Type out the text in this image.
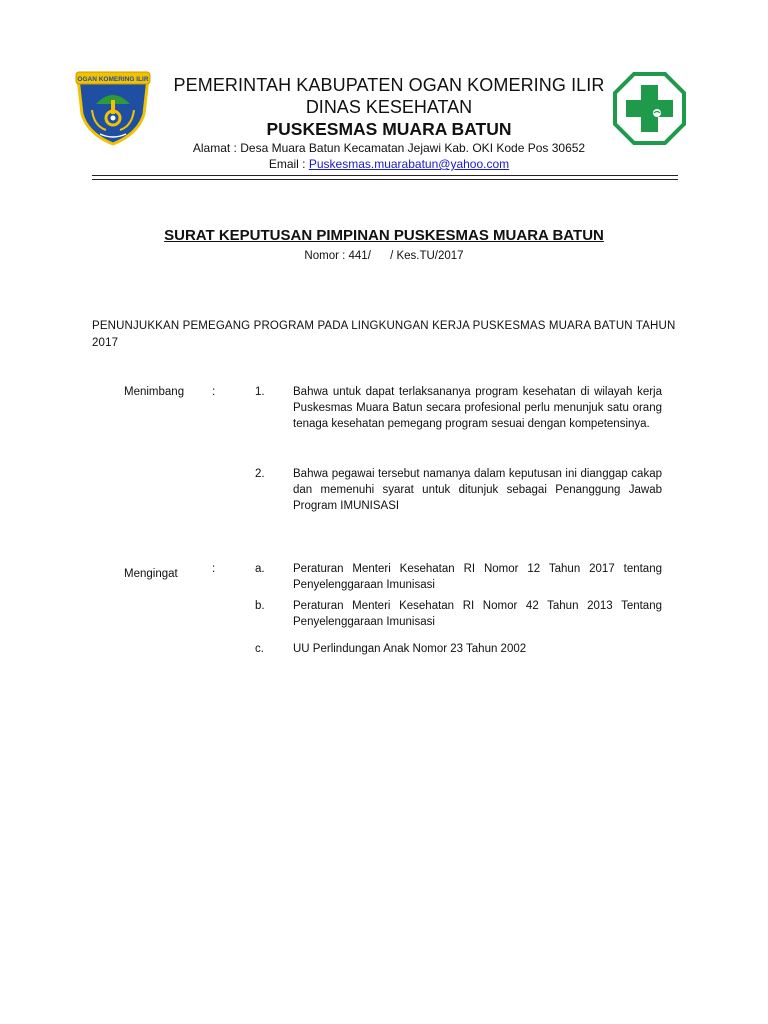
OGAN KOMERING ILIR	PEMERINTAH KABUPATEN OGAN KOMERING ILIR
DINAS KESEHATAN
PUSKESMAS MUARA BATUN
Alamat : Desa Muara Batun Kecamatan Jejawi Kab. OKI Kode Pos 30652
Email : Puskesmas.muarabatun@yahoo.com
SURAT KEPUTUSAN PIMPINAN PUSKESMAS MUARA BATUN
Nomor : 441/      / Kes.TU/2017
PENUNJUKKAN PEMEGANG PROGRAM PADA LINGKUNGAN KERJA PUSKESMAS MUARA BATUN TAHUN 2017
Menimbang :	1. Bahwa untuk dapat terlaksananya program kesehatan di wilayah kerja Puskesmas Muara Batun secara profesional perlu menunjuk satu orang tenaga kesehatan pemegang program sesuai dengan kompetensinya.
2. Bahwa pegawai tersebut namanya dalam keputusan ini dianggap cakap dan memenuhi syarat untuk ditunjuk sebagai Penanggung Jawab Program IMUNISASI
Mengingat	:	a. Peraturan Menteri Kesehatan RI Nomor 12 Tahun 2017 tentang Penyelenggaraan Imunisasi
b. Peraturan Menteri Kesehatan RI Nomor 42 Tahun 2013 Tentang Penyelenggaraan Imunisasi
c.	UU Perlindungan Anak Nomor 23 Tahun 2002
